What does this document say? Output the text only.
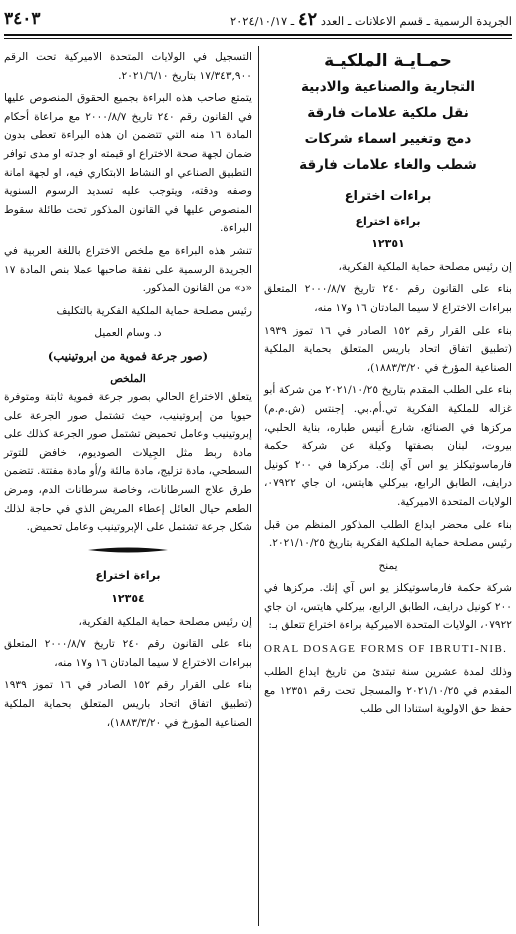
٣٤٠٣	الجريدة الرسمية ـ قسم الاعلانات ـ العدد ٤٢ ـ ٢٠٢٤/١٠/١٧
حمـايـة الملكيـة
التجارية والصناعية والادبية
نقل ملكية علامات فارقة
دمج وتغيير اسماء شركات
شطب والغاء علامات فارقة
براءات اختراع
براءة اختراع
١٢٣٥١

إن رئيس مصلحة حماية الملكية الفكرية،

بناء على القانون رقم ٢٤٠ تاريخ ٢٠٠٠/٨/٧ المتعلق ببراءات الاختراع لا سيما المادتان ١٦ و١٧ منه،

بناء على القرار رقم ١٥٢ الصادر في ١٦ تموز ١٩٣٩ (تطبيق اتفاق اتحاد باريس المتعلق بحماية الملكية الصناعية المؤرخ في ١٨٨٣/٣/٢٠)،

بناء على الطلب المقدم بتاريخ ٢٠٢١/١٠/٢٥ من شركة أبو غزاله للملكية الفكرية تي.أم.بي. إجنتس (ش.م.م) مركزها في الصنائع، شارع أنيس طباره، بناية الحلبي، بيروت، لبنان بصفتها وكيلة عن شركة حكمة فارماسوتيكلز يو اس آي إنك. مركزها في ٢٠٠ كونيل درايف، الطابق الرابع، بيركلي هايتس، ان جاي ٠٧٩٢٢، الولايات المتحدة الاميركية.

بناء على محضر ايداع الطلب المذكور المنظم من قبل رئيس مصلحة حماية الملكية الفكرية بتاريخ ٢٠٢١/١٠/٢٥.

يمنح

شركة حكمة فارماسوتيكلز يو اس آي إنك. مركزها في ٢٠٠ كونيل درايف، الطابق الرابع، بيركلي هايتس، ان جاي ٠٧٩٢٢، الولايات المتحدة الاميركية براءة اختراع تتعلق بـ:

ORAL DOSAGE FORMS OF IBRUTI-NIB.

وذلك لمدة عشرين سنة تبتدئ من تاريخ ايداع الطلب المقدم في ٢٠٢١/١٠/٢٥ والمسجل تحت رقم ١٢٣٥١ مع حفظ حق الاولوية استنادا الى طلب

التسجيل في الولايات المتحدة الاميركية تحت الرقم ١٧/٣٤٣,٩٠٠ بتاريخ ٢٠٢١/٦/١٠.

يتمتع صاحب هذه البراءة بجميع الحقوق المنصوص عليها في القانون رقم ٢٤٠ تاريخ ٢٠٠٠/٨/٧ مع مراعاة أحكام المادة ١٦ منه التي تتضمن ان هذه البراءة تعطى بدون ضمان لجهة صحة الاختراع او قيمته او جدته او مدى توافر التطبيق الصناعي او النشاط الابتكاري فيه، او لجهة امانة وصفه ودقته، ويتوجب عليه تسديد الرسوم السنوية المنصوص عليها في القانون المذكور تحت طائلة سقوط البراءة.

تنشر هذه البراءة مع ملخص الاختراع باللغة العربية في الجريدة الرسمية على نفقة صاحبها عملا بنص المادة ١٧ «د» من القانون المذكور.

رئيس مصلحة حماية الملكية الفكرية بالتكليف

د. وسام العميل
(صور جرعة فموية من ابروتينيب)
الملخص

يتعلق الاختراع الحالي بصور جرعة فموية ثابتة ومتوفرة حيويا من إبروتينيب، حيث تشتمل صور الجرعة على إبروتينيب وعامل تحميض تشتمل صور الجرعة كذلك على مادة ربط مثل الجِيلات الصوديوم، خافض للتوتر السطحي، مادة تزليج، مادة مالئة و/أو مادة مفتتة. تتضمن طرق علاج السرطانات، وخاصة سرطانات الدم، ومرض الطعم حيال العائل إعطاء المريض الذي في حاجة لذلك شكل جرعة تشتمل على الإبروتينيب وعامل تحميض.

براءة اختراع
١٢٣٥٤

إن رئيس مصلحة حماية الملكية الفكرية،

بناء على القانون رقم ٢٤٠ تاريخ ٢٠٠٠/٨/٧ المتعلق ببراءات الاختراع لا سيما المادتان ١٦ و١٧ منه،

بناء على القرار رقم ١٥٢ الصادر في ١٦ تموز ١٩٣٩ (تطبيق اتفاق اتحاد باريس المتعلق بحماية الملكية الصناعية المؤرخ في ١٨٨٣/٣/٢٠)،
